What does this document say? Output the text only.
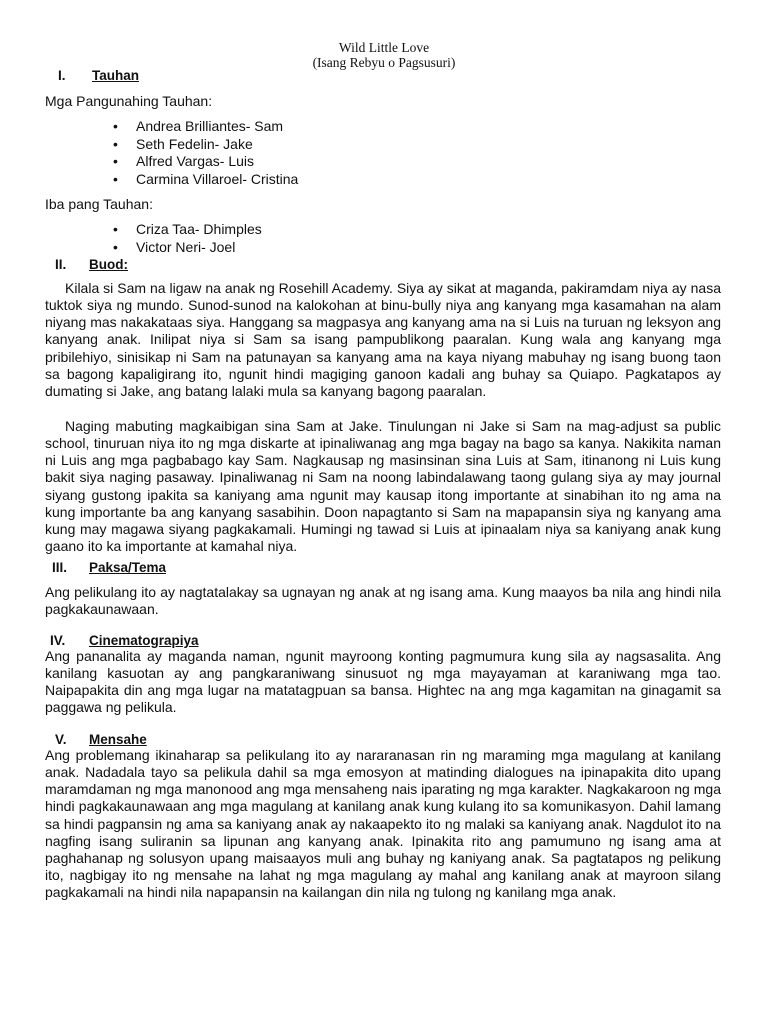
Wild Little Love
(Isang Rebyu o Pagsusuri)
I. Tauhan
Mga Pangunahing Tauhan:
• Andrea Brilliantes- Sam
• Seth Fedelin- Jake
• Alfred Vargas- Luis
• Carmina Villaroel- Cristina
Iba pang Tauhan:
• Criza Taa- Dhimples
• Victor Neri- Joel
II. Buod:

Kilala si Sam na ligaw na anak ng Rosehill Academy. Siya ay sikat at maganda, pakiramdam niya ay nasa tuktok siya ng mundo. Sunod-sunod na kalokohan at binu-bully niya ang kanyang mga kasamahan na alam niyang mas nakakataas siya. Hanggang sa magpasya ang kanyang ama na si Luis na turuan ng leksyon ang kanyang anak. Inilipat niya si Sam sa isang pampublikong paaralan. Kung wala ang kanyang mga pribilehiyo, sinisikap ni Sam na patunayan sa kanyang ama na kaya niyang mabuhay ng isang buong taon sa bagong kapaligirang ito, ngunit hindi magiging ganoon kadali ang buhay sa Quiapo. Pagkatapos ay dumating si Jake, ang batang lalaki mula sa kanyang bagong paaralan.

Naging mabuting magkaibigan sina Sam at Jake. Tinulungan ni Jake si Sam na mag-adjust sa public school, tinuruan niya ito ng mga diskarte at ipinaliwanag ang mga bagay na bago sa kanya. Nakikita naman ni Luis ang mga pagbabago kay Sam. Nagkausap ng masinsinan sina Luis at Sam, itinanong ni Luis kung bakit siya naging pasaway. Ipinaliwanag ni Sam na noong labindalawang taong gulang siya ay may journal siyang gustong ipakita sa kaniyang ama ngunit may kausap itong importante at sinabihan ito ng ama na kung importante ba ang kanyang sasabihin. Doon napagtanto si Sam na mapapansin siya ng kanyang ama kung may magawa siyang pagkakamali. Humingi ng tawad si Luis at ipinaalam niya sa kaniyang anak kung gaano ito ka importante at kamahal niya.

III. Paksa/Tema

Ang pelikulang ito ay nagtatalakay sa ugnayan ng anak at ng isang ama. Kung maayos ba nila ang hindi nila pagkakaunawaan.

IV. Cinematograpiya

Ang pananalita ay maganda naman, ngunit mayroong konting pagmumura kung sila ay nagsasalita. Ang kanilang kasuotan ay ang pangkaraniwang sinusuot ng mga mayayaman at karaniwang mga tao. Naipapakita din ang mga lugar na matatagpuan sa bansa. Hightec na ang mga kagamitan na ginagamit sa paggawa ng pelikula.

V. Mensahe

Ang problemang ikinaharap sa pelikulang ito ay nararanasan rin ng maraming mga magulang at kanilang anak. Nadadala tayo sa pelikula dahil sa mga emosyon at matinding dialogues na ipinapakita dito upang maramdaman ng mga manonood ang mga mensaheng nais iparating ng mga karakter. Nagkakaroon ng mga hindi pagkakaunawaan ang mga magulang at kanilang anak kung kulang ito sa komunikasyon. Dahil lamang sa hindi pagpansin ng ama sa kaniyang anak ay nakaapekto ito ng malaki sa kaniyang anak. Nagdulot ito na nagfing isang suliranin sa lipunan ang kanyang anak. Ipinakita rito ang pamumuno ng isang ama at paghahanap ng solusyon upang maisaayos muli ang buhay ng kaniyang anak. Sa pagtatapos ng pelikung ito, nagbigay ito ng mensahe na lahat ng mga magulang ay mahal ang kanilang anak at mayroon silang pagkakamali na hindi nila napapansin na kailangan din nila ng tulong ng kanilang mga anak.
